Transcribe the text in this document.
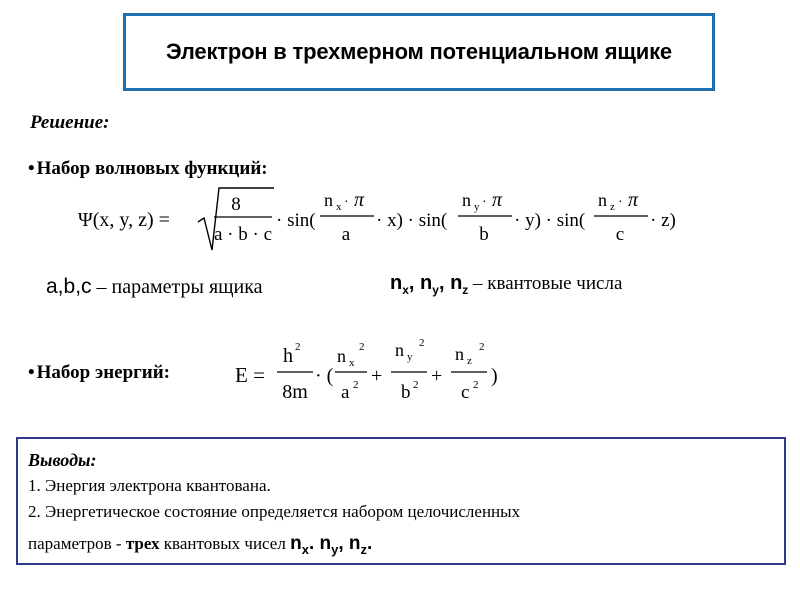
Электрон в трехмерном потенциальном ящике
Решение:
• Набор волновых функций:
Ψ(x, y, z) =
8
a · b · c
· sin(
n x · π
a
· x) · sin(
n y · π
b
· y) · sin(
n z · π
c
· z)
a,b,c – параметры ящика	$n_x$, $n_y$, $n_z$ – квантовые числа
• Набор энергий:	E =
h 2
8m
· (
n x
2
a 2 +
n y
2
b 2 +
n z
2
c 2 )
Выводы:
1. Энергия электрона квантована.
2. Энергетическое состояние определяется набором целочисленных
параметров - трех квантовых чисел $n_x$. $n_y$, $n_z$.
